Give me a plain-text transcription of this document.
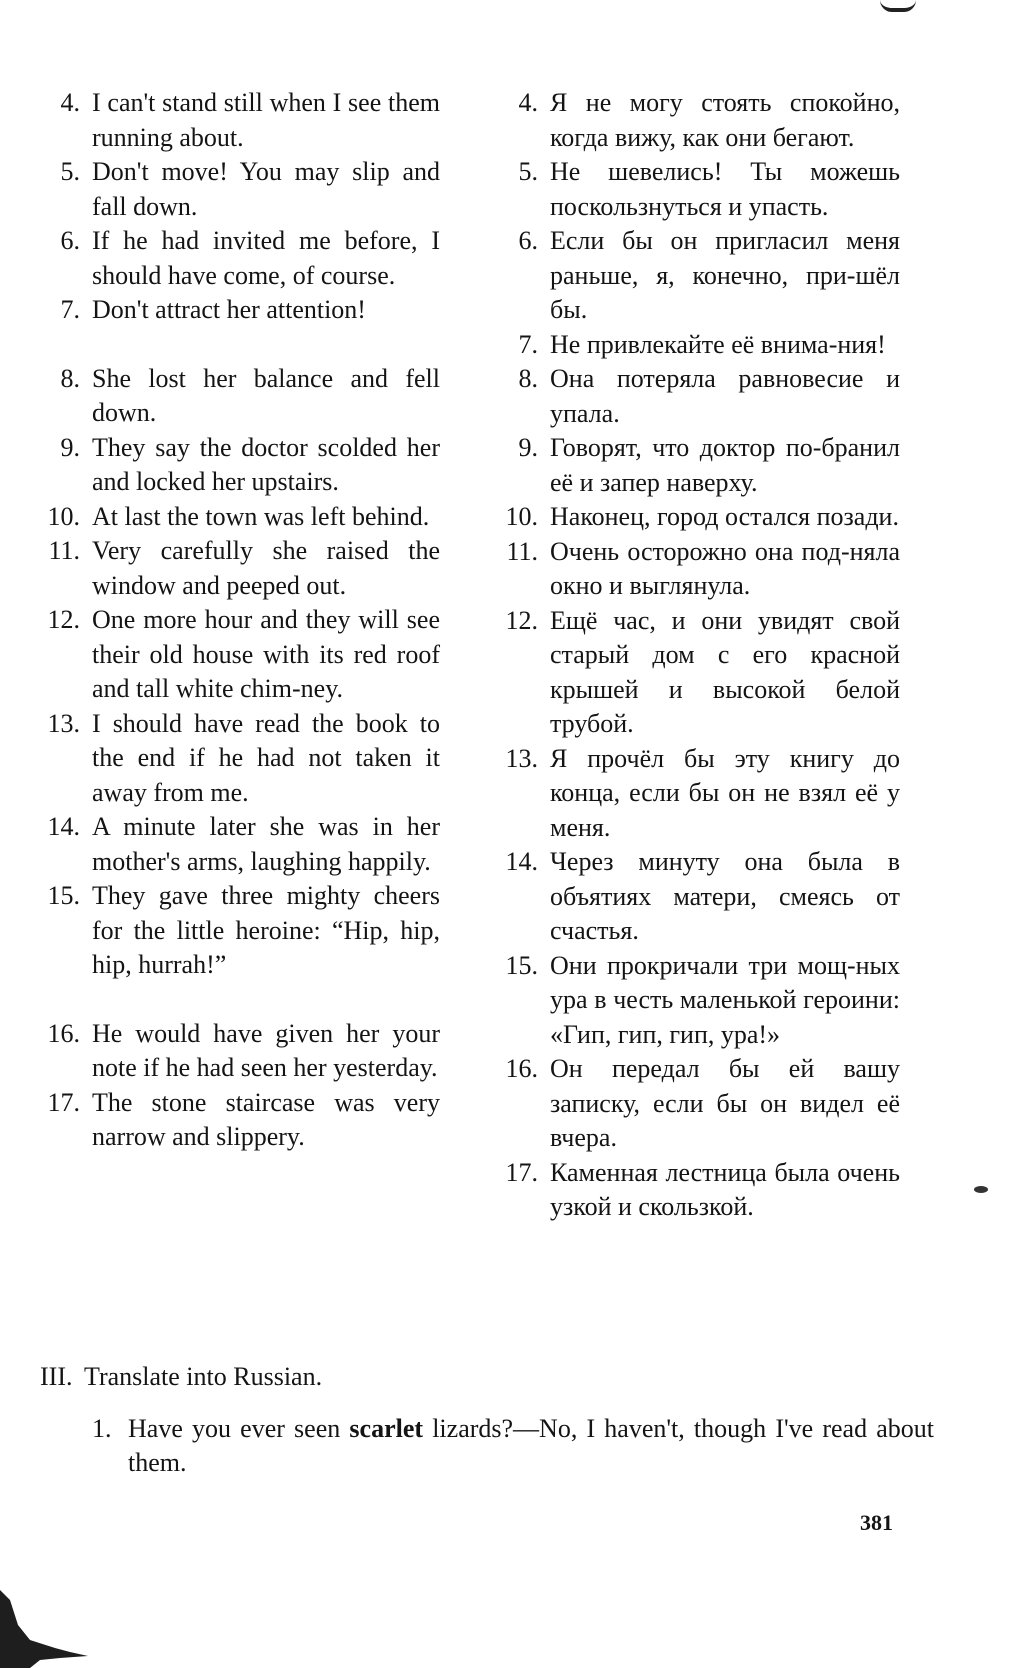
4. I can't stand still when I see them running about.
5. Don't move! You may slip and fall down.
6. If he had invited me before, I should have come, of course.
7. Don't attract her attention!
8. She lost her balance and fell down.
9. They say the doctor scolded her and locked her upstairs.
10. At last the town was left behind.
11. Very carefully she raised the window and peeped out.
12. One more hour and they will see their old house with its red roof and tall white chim-ney.
13. I should have read the book to the end if he had not taken it away from me.
14. A minute later she was in her mother's arms, laughing happily.
15. They gave three mighty cheers for the little heroine: “Hip, hip, hip, hurrah!”
16. He would have given her your note if he had seen her yesterday.
17. The stone staircase was very narrow and slippery.
4. Я не могу стоять спокойно, когда вижу, как они бегают.
5. Не шевелись! Ты можешь поскользнуться и упасть.
6. Если бы он пригласил меня раньше, я, конечно, при-шёл бы.
7. Не привлекайте её внима-ния!
8. Она потеряла равновесие и упала.
9. Говорят, что доктор по-бранил её и запер наверху.
10. Наконец, город остался позади.
11. Очень осторожно она под-няла окно и выглянула.
12. Ещё час, и они увидят свой старый дом с его красной крышей и высокой белой трубой.
13. Я прочёл бы эту книгу до конца, если бы он не взял её у меня.
14. Через минуту она была в объятиях матери, смеясь от счастья.
15. Они прокричали три мощ-ных ура в честь маленькой героини: «Гип, гип, гип, ура!»
16. Он передал бы ей вашу записку, если бы он видел её вчера.
17. Каменная лестница была очень узкой и скользкой.
III. Translate into Russian.
1. Have you ever seen scarlet lizards?—No, I haven't, though I've read about them.
381
